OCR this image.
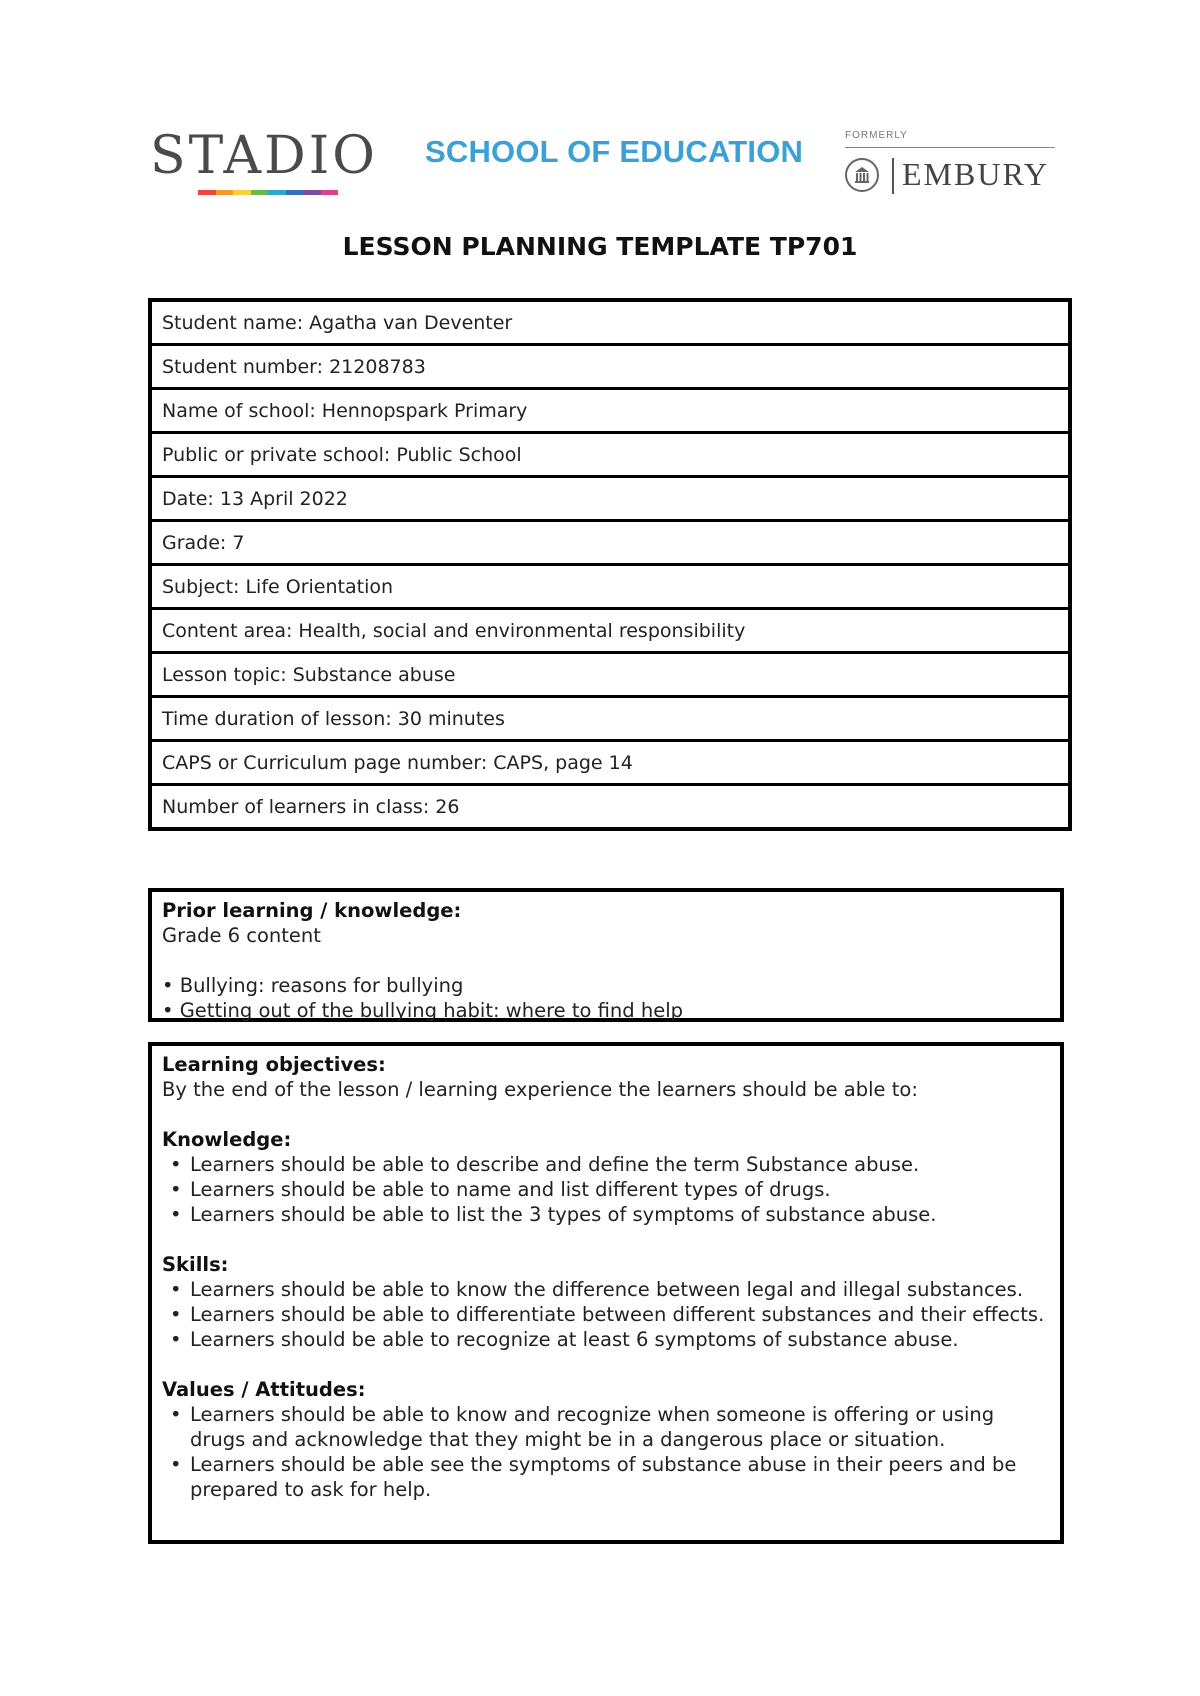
STADIO SCHOOL OF EDUCATION	FORMERLY
EMBURY
LESSON PLANNING TEMPLATE TP701
Student name: Agatha van Deventer
Student number: 21208783
Name of school: Hennopspark Primary
Public or private school: Public School
Date: 13 April 2022
Grade: 7
Subject: Life Orientation
Content area: Health, social and environmental responsibility
Lesson topic: Substance abuse
Time duration of lesson: 30 minutes
CAPS or Curriculum page number: CAPS, page 14
Number of learners in class: 26
Prior learning / knowledge:
Grade 6 content
• Bullying: reasons for bullying
• Getting out of the bullying habit: where to find help
Learning objectives:
By the end of the lesson / learning experience the learners should be able to:
Knowledge:
• Learners should be able to describe and define the term Substance abuse.
• Learners should be able to name and list different types of drugs.
• Learners should be able to list the 3 types of symptoms of substance abuse.
Skills:
• Learners should be able to know the difference between legal and illegal substances.
• Learners should be able to differentiate between different substances and their effects.
• Learners should be able to recognize at least 6 symptoms of substance abuse.
Values / Attitudes:
• Learners should be able to know and recognize when someone is offering or using drugs and acknowledge that they might be in a dangerous place or situation.
• Learners should be able see the symptoms of substance abuse in their peers and be prepared to ask for help.
